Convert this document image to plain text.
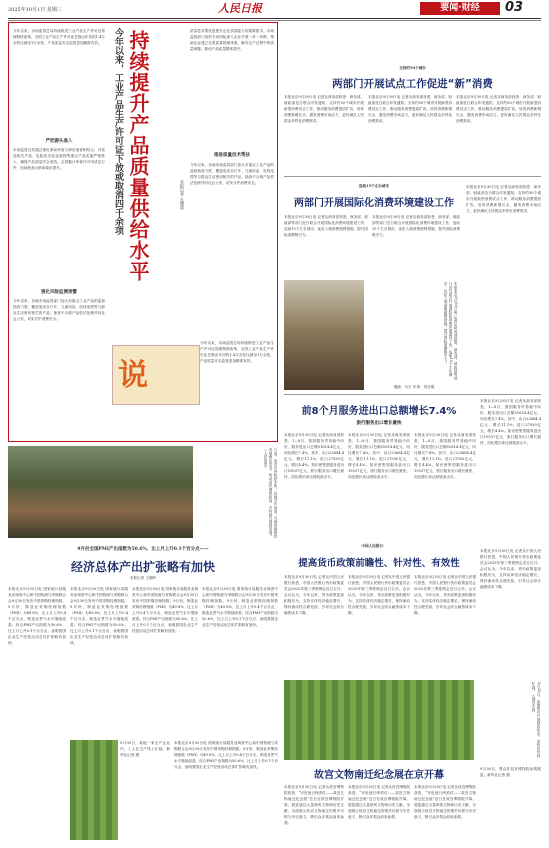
2025年10月1日 星期三	人民日报	要闻·财经	03
今年以来，市场监管总局持续推进工业产品生产许可证管理制度改革，全国工业产品生产许可证总数由年初的1.4万余张压减至1万余张，产品质量安全监管更加精准有效。
严把源头准入
市场监管总局通过强化事前审查与事后抽查相结合，对食品相关产品、危险化学品包装物等重点产品实施严格准入，确保产品质量安全底线。全国累计审查许可申请近万件，现场核查合格率稳步提升。
强化风险监测预警
今年以来，各地市场监管部门加大对重点工业产品的监督抽查力度，覆盖电动自行车、儿童用品、电线电缆等与群众生活密切相关的产品，抽查不合格产品依法处理并向社会公布，切实守护消费安全。
今年以来，工业产品生产许可证下放或取消四千余项 持续提升产品质量供给水平	本报记者 孔德晨
质量技术帮扶是提升企业质量能力的重要抓手。市场监管部门组织专家团队深入企业开展一对一诊断，帮助企业建立完善质量管理体系，解决生产过程中的质量难题，推动产品质量整体提升。
推进质量技术帮扶
今年以来，各地市场监管部门加大对重点工业产品的监督抽查力度，覆盖电动自行车、儿童用品、电线电缆等与群众生活密切相关的产品，抽查不合格产品依法处理并向社会公布，切实守护消费安全。
说
今年以来，市场监管总局持续推进工业产品生产许可证管理制度改革，全国工业产品生产许可证总数由年初的1.4万余张压减至1万余张，产品质量安全监管更加精准有效。
支持约50个城市
两部门开展试点工作促进“新”消费
本报北京9月30日电 记者从商务部获悉：商务部、财政部近日联合印发通知，支持约50个城市开展新型消费试点工作，推动服务消费提质扩容，培育消费新增长点，激发消费市场活力，更好满足人民群众多样化消费需求。
本报北京9月30日电 记者从商务部获悉：商务部、财政部近日联合印发通知，支持约50个城市开展新型消费试点工作，推动服务消费提质扩容，培育消费新增长点，激发消费市场活力，更好满足人民群众多样化消费需求。
本报北京9月30日电 记者从商务部获悉：商务部、财政部近日联合印发通知，支持约50个城市开展新型消费试点工作，推动服务消费提质扩容，培育消费新增长点，激发消费市场活力，更好满足人民群众多样化消费需求。
选取15个左右城市
两部门开展国际化消费环境建设工作
本报北京9月30日电 记者从商务部获悉，商务部、财政部等部门近日联合开展国际化消费环境建设工作，选取15个左右城市，优化入境消费便利措施，提升国际消费吸引力。
本报北京9月30日电 记者从商务部获悉，商务部、财政部等部门近日联合开展国际化消费环境建设工作，选取15个左右城市，优化入境消费便利措施，提升国际消费吸引力。
本报北京9月30日电 记者从商务部获悉，商务部、财政部等部门近日联合开展国际化消费环境建设工作，选取15个左右城市，优化入境消费便利措施，提升国际消费吸引力。
漫画：马宇 作者：刘光明
本报北京9月30日电 记者从商务部获悉：商务部、财政部近日联合印发通知，支持约50个城市开展新型消费试点工作，推动服务消费提质扩容，培育消费新增长点，激发消费市场活力，更好满足人民群众多样化消费需求。
前8个月服务进出口总额增长7.4%
旅行服务出口增长最快
本报北京9月30日电 记者从商务部获悉，1—8月，我国服务贸易稳中向好，服务进出口总额51614.4亿元，同比增长7.4%。其中，出口23684.4亿元，增长11.1%；进口27930亿元，增长4.4%。知识密集型服务进出口19537亿元，旅行服务出口增长最快，同比增长率达到较高水平。
本报北京9月30日电 记者从商务部获悉，1—8月，我国服务贸易稳中向好，服务进出口总额51614.4亿元，同比增长7.4%。其中，出口23684.4亿元，增长11.1%；进口27930亿元，增长4.4%。知识密集型服务进出口19537亿元，旅行服务出口增长最快，同比增长率达到较高水平。
本报北京9月30日电 记者从商务部获悉，1—8月，我国服务贸易稳中向好，服务进出口总额51614.4亿元，同比增长7.4%。其中，出口23684.4亿元，增长11.1%；进口27930亿元，增长4.4%。知识密集型服务进出口19537亿元，旅行服务出口增长最快，同比增长率达到较高水平。
本报北京9月30日电 记者从商务部获悉，1—8月，我国服务贸易稳中向好，服务进出口总额51614.4亿元，同比增长7.4%。其中，出口23684.4亿元，增长11.1%；进口27930亿元，增长4.4%。知识密集型服务进出口19537亿元，旅行服务出口增长最快，同比增长率达到较高水平。
中国人民银行：
提高货币政策前瞻性、针对性、有效性
本报北京9月30日电 记者从中国人民银行获悉，中国人民银行货币政策委员会2025年第三季度例会近日召开。会议认为，今年以来，货币政策更加积极有为，支持实体经济稳定增长，保持流动性合理充裕，引导社会综合融资成本下降。
本报北京9月30日电 记者从中国人民银行获悉，中国人民银行货币政策委员会2025年第三季度例会近日召开。会议认为，今年以来，货币政策更加积极有为，支持实体经济稳定增长，保持流动性合理充裕，引导社会综合融资成本下降。
本报北京9月30日电 记者从中国人民银行获悉，中国人民银行货币政策委员会2025年第三季度例会近日召开。会议认为，今年以来，货币政策更加积极有为，支持实体经济稳定增长，保持流动性合理充裕，引导社会综合融资成本下降。
本报北京9月30日电 记者从中国人民银行获悉，中国人民银行货币政策委员会2025年第三季度例会近日召开。会议认为，今年以来，货币政策更加积极有为，支持实体经济稳定增长，保持流动性合理充裕，引导社会综合融资成本下降。
日前，某市农民收获丰收，田间劳作场景。当地因地制宜发展特色农业，带动农民增收致富，乡村振兴蓬勃发展。（人民视觉）
9月份全国PMI产出指数为50.6%，比上月上升0.1个百分点——
经济总体产出扩张略有加快
本报记者 王俊岭
本报北京9月30日电 国家统计局服务业调查中心和中国物流与采购联合会9月30日发布中国采购经理指数。9月份，制造业采购经理指数（PMI）为49.8%，比上月上升0.4个百分点，制造业景气水平继续改善。综合PMI产出指数为50.6%，比上月上升0.1个百分点，表明我国企业生产经营活动总体扩张略有加快。
本报北京9月30日电 国家统计局服务业调查中心和中国物流与采购联合会9月30日发布中国采购经理指数。9月份，制造业采购经理指数（PMI）为49.8%，比上月上升0.4个百分点，制造业景气水平继续改善。综合PMI产出指数为50.6%，比上月上升0.1个百分点，表明我国企业生产经营活动总体扩张略有加快。
9月30日，某地一家生产企业内，工人在生产线上忙碌。新华社记者 摄
本报北京9月30日电 国家统计局服务业调查中心和中国物流与采购联合会9月30日发布中国采购经理指数。9月份，制造业采购经理指数（PMI）为49.8%，比上月上升0.4个百分点，制造业景气水平继续改善。综合PMI产出指数为50.6%，比上月上升0.1个百分点，表明我国企业生产经营活动总体扩张略有加快。
本报北京9月30日电 国家统计局服务业调查中心和中国物流与采购联合会9月30日发布中国采购经理指数。9月份，制造业采购经理指数（PMI）为49.8%，比上月上升0.4个百分点，制造业景气水平继续改善。综合PMI产出指数为50.6%，比上月上升0.1个百分点，表明我国企业生产经营活动总体扩张略有加快。
本报北京9月30日电 国家统计局服务业调查中心和中国物流与采购联合会9月30日发布中国采购经理指数。9月份，制造业采购经理指数（PMI）为49.8%，比上月上升0.4个百分点，制造业景气水平继续改善。综合PMI产出指数为50.6%，比上月上升0.1个百分点，表明我国企业生产经营活动总体扩张略有加快。
9月29日，某地集中开展秋收作业，农机在田间忙碌。（视觉中国）
故宫文物南迁纪念展在京开幕
本报北京9月30日电 记者从故宫博物院获悉，“安危他日终须仗——故宫文物南迁纪念展”近日在故宫博物院开幕。展览通过大量珍贵文物和历史文献，全面展示故宫文物南迁的艰辛历程与历史意义，吸引众多观众前来参观。
本报北京9月30日电 记者从故宫博物院获悉，“安危他日终须仗——故宫文物南迁纪念展”近日在故宫博物院开幕。展览通过大量珍贵文物和历史文献，全面展示故宫文物南迁的艰辛历程与历史意义，吸引众多观众前来参观。
本报北京9月30日电 记者从故宫博物院获悉，“安危他日终须仗——故宫文物南迁纪念展”近日在故宫博物院开幕。展览通过大量珍贵文物和历史文献，全面展示故宫文物南迁的艰辛历程与历史意义，吸引众多观众前来参观。
9月30日，观众在故宫博物院参观展览。新华社记者 摄
